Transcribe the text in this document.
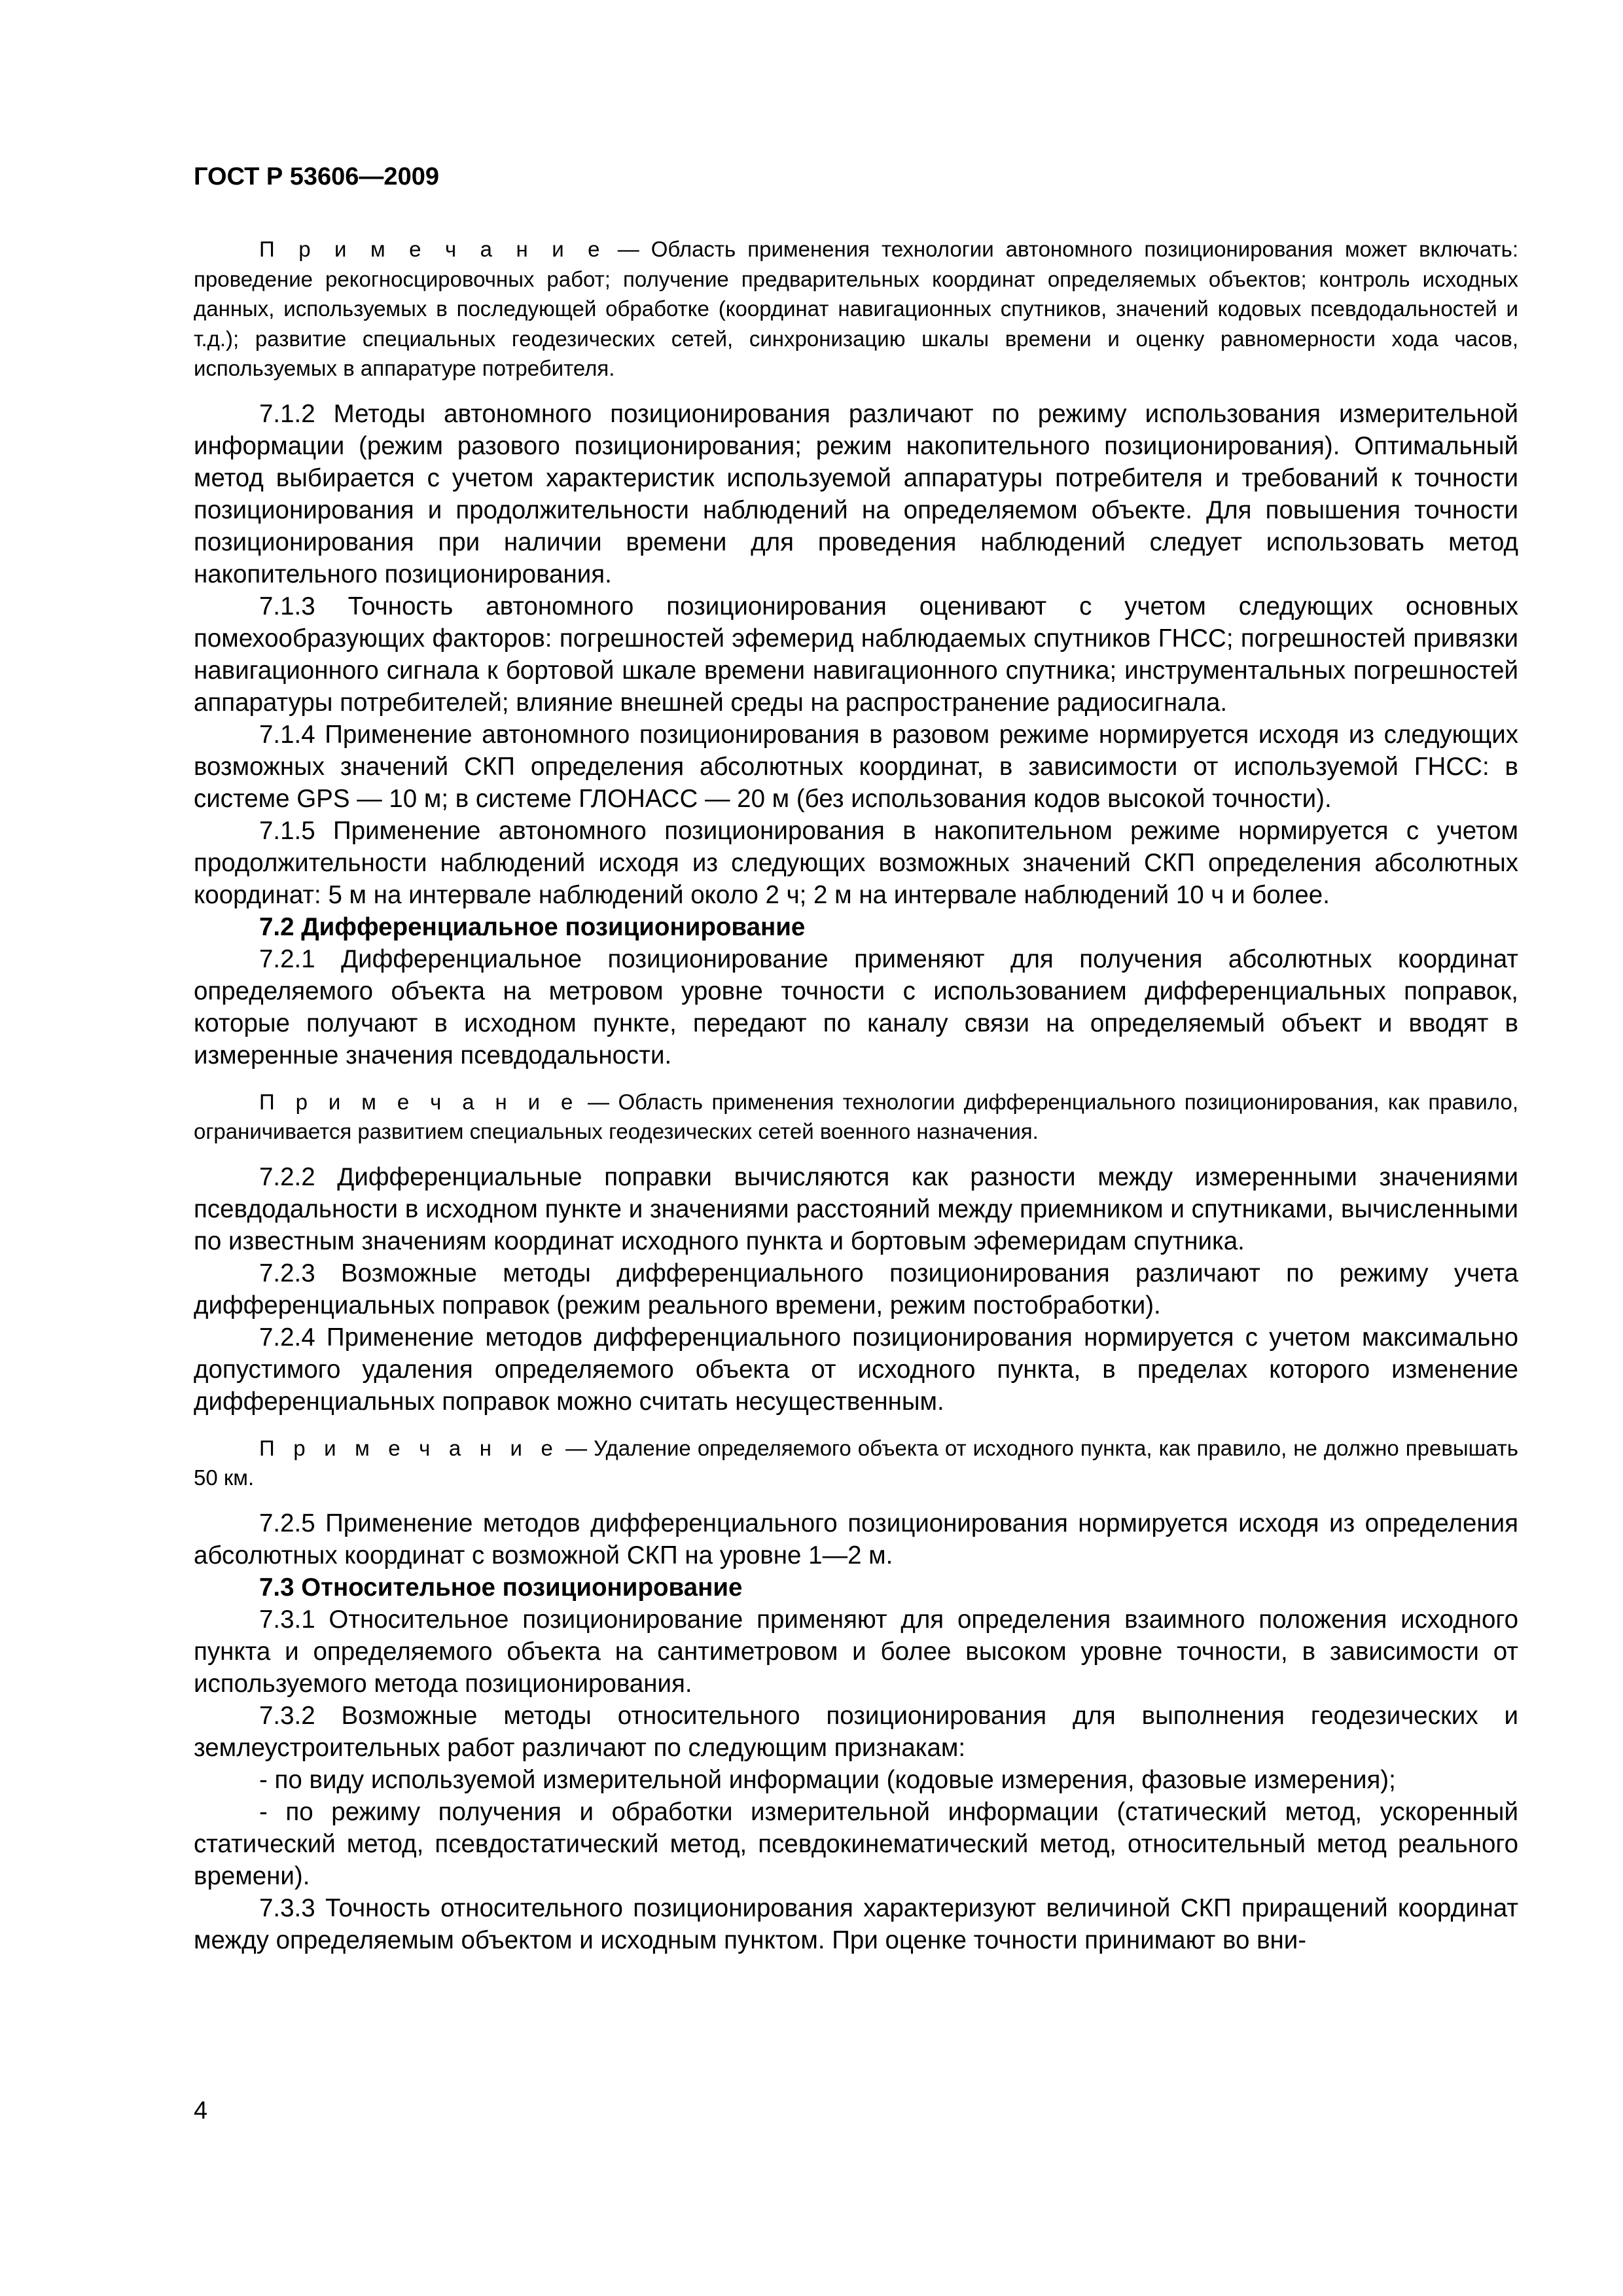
ГОСТ Р 53606—2009

П р и м е ч а н и е — Область применения технологии автономного позиционирования может включать: проведение рекогносцировочных работ; получение предварительных координат определяемых объектов; контроль исходных данных, используемых в последующей обработке (координат навигационных спутников, значений кодовых псевдодальностей и т.д.); развитие специальных геодезических сетей, синхронизацию шкалы времени и оценку равномерности хода часов, используемых в аппаратуре потребителя.

7.1.2 Методы автономного позиционирования различают по режиму использования измерительной информации (режим разового позиционирования; режим накопительного позиционирования). Оптимальный метод выбирается с учетом характеристик используемой аппаратуры потребителя и требований к точности позиционирования и продолжительности наблюдений на определяемом объекте. Для повышения точности позиционирования при наличии времени для проведения наблюдений следует использовать метод накопительного позиционирования.

7.1.3 Точность автономного позиционирования оценивают с учетом следующих основных помехообразующих факторов: погрешностей эфемерид наблюдаемых спутников ГНСС; погрешностей привязки навигационного сигнала к бортовой шкале времени навигационного спутника; инструментальных погрешностей аппаратуры потребителей; влияние внешней среды на распространение радиосигнала.

7.1.4 Применение автономного позиционирования в разовом режиме нормируется исходя из следующих возможных значений СКП определения абсолютных координат, в зависимости от используемой ГНСС: в системе GPS — 10 м; в системе ГЛОНАСС — 20 м (без использования кодов высокой точности).

7.1.5 Применение автономного позиционирования в накопительном режиме нормируется с учетом продолжительности наблюдений исходя из следующих возможных значений СКП определения абсолютных координат: 5 м на интервале наблюдений около 2 ч; 2 м на интервале наблюдений 10 ч и более.

7.2 Дифференциальное позиционирование

7.2.1 Дифференциальное позиционирование применяют для получения абсолютных координат определяемого объекта на метровом уровне точности с использованием дифференциальных поправок, которые получают в исходном пункте, передают по каналу связи на определяемый объект и вводят в измеренные значения псевдодальности.

П р и м е ч а н и е — Область применения технологии дифференциального позиционирования, как правило, ограничивается развитием специальных геодезических сетей военного назначения.

7.2.2 Дифференциальные поправки вычисляются как разности между измеренными значениями псевдодальности в исходном пункте и значениями расстояний между приемником и спутниками, вычисленными по известным значениям координат исходного пункта и бортовым эфемеридам спутника.

7.2.3 Возможные методы дифференциального позиционирования различают по режиму учета дифференциальных поправок (режим реального времени, режим постобработки).

7.2.4 Применение методов дифференциального позиционирования нормируется с учетом максимально допустимого удаления определяемого объекта от исходного пункта, в пределах которого изменение дифференциальных поправок можно считать несущественным.

П р и м е ч а н и е — Удаление определяемого объекта от исходного пункта, как правило, не должно превышать 50 км.

7.2.5 Применение методов дифференциального позиционирования нормируется исходя из определения абсолютных координат с возможной СКП на уровне 1—2 м.

7.3 Относительное позиционирование

7.3.1 Относительное позиционирование применяют для определения взаимного положения исходного пункта и определяемого объекта на сантиметровом и более высоком уровне точности, в зависимости от используемого метода позиционирования.

7.3.2 Возможные методы относительного позиционирования для выполнения геодезических и землеустроительных работ различают по следующим признакам:

- по виду используемой измерительной информации (кодовые измерения, фазовые измерения);

- по режиму получения и обработки измерительной информации (статический метод, ускоренный статический метод, псевдостатический метод, псевдокинематический метод, относительный метод реального времени).

7.3.3 Точность относительного позиционирования характеризуют величиной СКП приращений координат между определяемым объектом и исходным пунктом. При оценке точности принимают во вни-

4
